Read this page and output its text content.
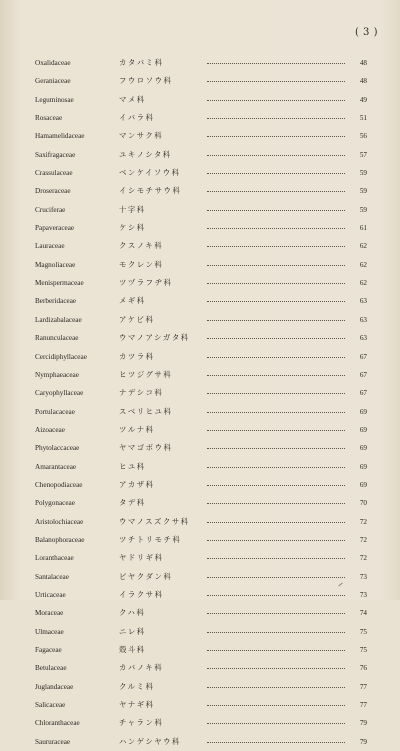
( 3 )
Oxalidaceae	カタバミ科	48
Geraniaceae	フウロソウ科	48
Leguminosae	マメ科	49
Rosaceae	イバラ科	51
Hamamelidaceae	マンサク科	56
Saxifragaceae	ユキノシタ科	57
Crassulaceae	ベンケイソウ科	59
Droseraceae	イシモチサウ科	59
Cruciferae	十字科	59
Papaveraceae	ケシ科	61
Lauraceae	クスノキ科	62
Magnoliaceae	モクレン科	62
Menispermaceae	ツヅラフヂ科	62
Berberidaceae	メギ科	63
Lardizabalaceae	アケビ科	63
Ranunculaceae	ウマノアシガタ科	63
Cercidiphyllaceae	カツラ科	67
Nymphaeaceae	ヒツジグサ科	67
Caryophyllaceae	ナデシコ科	67
Portulacaceae	スベリヒユ科	69
Aizoaceae	ツルナ科	69
Phytolaccaceae	ヤマゴボウ科	69
Amarantaceae	ヒユ科	69
Chenopodiaceae	アカザ科	69
Polygonaceae	タデ科	70
Aristolochiaceae	ウマノスズクサ科	72
Balanophoraceae	ツチトリモチ科	72
Loranthaceae	ヤドリギ科	72
Santalaceae	ビヤクダン科	73
Urticaceae	イラクサ科	73
Moraceae	クハ科	74
Ulmaceae	ニレ科	75
Fagaceae	殻斗科	75
Betulaceae	カバノキ科	76
Juglandaceae	クルミ科	77
Salicaceae	ヤナギ科	77
Chloranthaceae	チャラン科	79
Saururaceae	ハンゲシヤウ科	79
